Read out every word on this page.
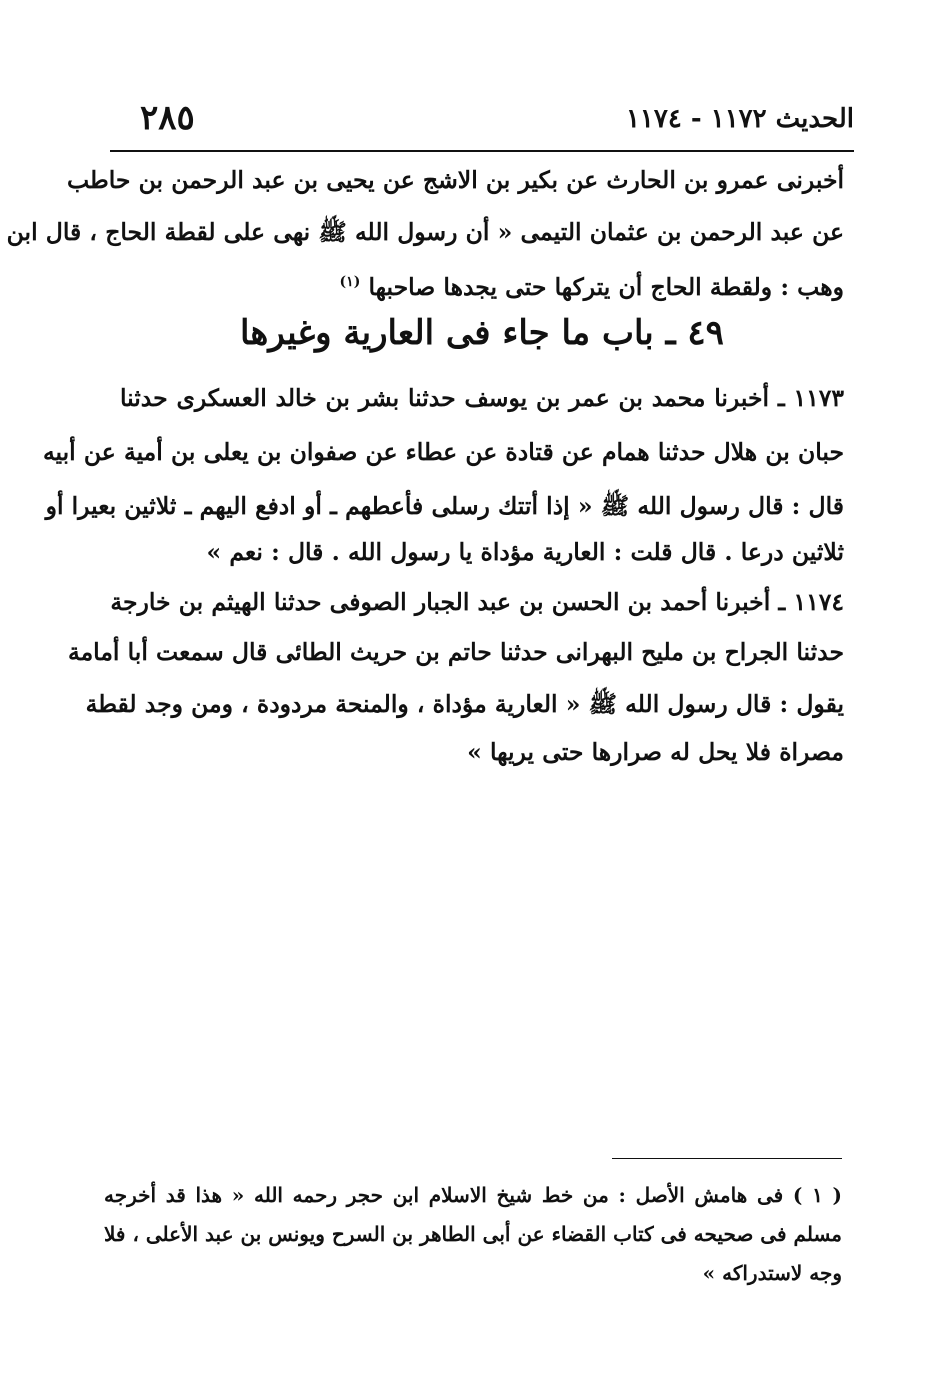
الحديث ١١٧٢ - ١١٧٤
٢٨٥
أخبرنى عمرو بن الحارث عن بكير بن الاشج عن يحيى بن عبد الرحمن بن حاطب
عن عبد الرحمن بن عثمان التيمى « أن رسول الله ﷺ نهى على لقطة الحاج ، قال ابن
وهب : ولقطة الحاج أن يتركها حتى يجدها صاحبها $^{(١)}$
٤٩ ـ باب ما جاء فى العارية وغيرها
١١٧٣ ـ أخبرنا محمد بن عمر بن يوسف حدثنا بشر بن خالد العسكرى حدثنا
حبان بن هلال حدثنا همام عن قتادة عن عطاء عن صفوان بن يعلى بن أمية عن أبيه
قال : قال رسول الله ﷺ « إذا أتتك رسلى فأعطهم ـ أو ادفع اليهم ـ ثلاثين بعيرا أو
ثلاثين درعا . قال قلت : العارية مؤداة يا رسول الله . قال : نعم »
١١٧٤ ـ أخبرنا أحمد بن الحسن بن عبد الجبار الصوفى حدثنا الهيثم بن خارجة
حدثنا الجراح بن مليح البهرانى حدثنا حاتم بن حريث الطائى قال سمعت أبا أمامة
يقول : قال رسول الله ﷺ « العارية مؤداة ، والمنحة مردودة ، ومن وجد لقطة
مصراة فلا يحل له صرارها حتى يريها »
( ١ ) فى هامش الأصل : من خط شيخ الاسلام ابن حجر رحمه الله « هذا قد أخرجه
مسلم فى صحيحه فى كتاب القضاء عن أبى الطاهر بن السرح ويونس بن عبد الأعلى ، فلا
وجه لاستدراكه »
